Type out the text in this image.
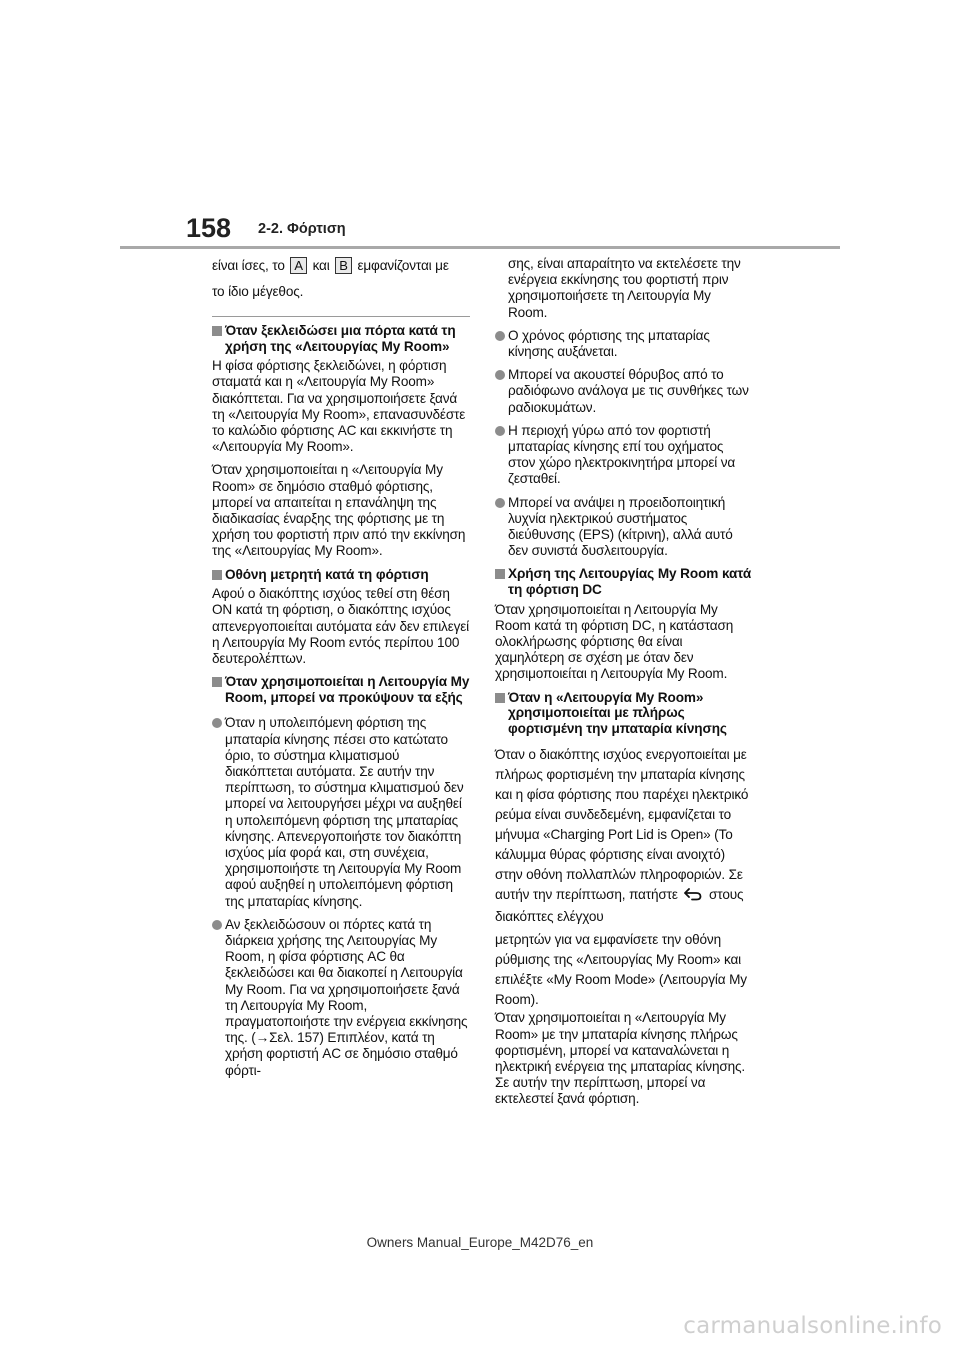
158 2-2. Φόρτιση

είναι ίσες, το A και B εμφανίζονται με

το ίδιο μέγεθος.

Όταν ξεκλειδώσει μια πόρτα κατά τη χρήση της «Λειτουργίας My Room»

Η φίσα φόρτισης ξεκλειδώνει, η φόρτιση σταματά και η «Λειτουργία My Room» διακόπτεται. Για να χρησιμοποιήσετε ξανά τη «Λειτουργία My Room», επανασυνδέστε το καλώδιο φόρτισης AC και εκκινήστε τη «Λειτουργία My Room».

Όταν χρησιμοποιείται η «Λειτουργία My Room» σε δημόσιο σταθμό φόρτισης, μπορεί να απαιτείται η επανάληψη της διαδικασίας έναρξης της φόρτισης με τη χρήση του φορτιστή πριν από την εκκίνηση της «Λειτουργίας My Room».

Οθόνη μετρητή κατά τη φόρτιση

Αφού ο διακόπτης ισχύος τεθεί στη θέση ON κατά τη φόρτιση, ο διακόπτης ισχύος απενεργοποιείται αυτόματα εάν δεν επιλεγεί η Λειτουργία My Room εντός περίπου 100 δευτερολέπτων.

Όταν χρησιμοποιείται η Λειτουργία My Room, μπορεί να προκύψουν τα εξής
Όταν η υπολειπόμενη φόρτιση της μπαταρία κίνησης πέσει στο κατώτατο όριο, το σύστημα κλιματισμού διακόπτεται αυτόματα. Σε αυτήν την περίπτωση, το σύστημα κλιματισμού δεν μπορεί να λειτουργήσει μέχρι να αυξηθεί η υπολειπόμενη φόρτιση της μπαταρίας κίνησης. Απενεργοποιήστε τον διακόπτη ισχύος μία φορά και, στη συνέχεια, χρησιμοποιήστε τη Λειτουργία My Room αφού αυξηθεί η υπολειπόμενη φόρτιση της μπαταρίας κίνησης.
Αν ξεκλειδώσουν οι πόρτες κατά τη διάρκεια χρήσης της Λειτουργίας My Room, η φίσα φόρτισης AC θα ξεκλειδώσει και θα διακοπεί η Λειτουργία My Room. Για να χρησιμοποιήσετε ξανά τη Λειτουργία My Room, πραγματοποιήστε την ενέργεια εκκίνησης της. (→Σελ. 157) Επιπλέον, κατά τη χρήση φορτιστή AC σε δημόσιο σταθμό φόρτι-
σης, είναι απαραίτητο να εκτελέσετε την ενέργεια εκκίνησης του φορτιστή πριν χρησιμοποιήσετε τη Λειτουργία My Room.
Ο χρόνος φόρτισης της μπαταρίας κίνησης αυξάνεται.
Μπορεί να ακουστεί θόρυβος από το ραδιόφωνο ανάλογα με τις συνθήκες των ραδιοκυμάτων.
Η περιοχή γύρω από τον φορτιστή μπαταρίας κίνησης επί του οχήματος στον χώρο ηλεκτροκινητήρα μπορεί να ζεσταθεί.
Μπορεί να ανάψει η προειδοποιητική λυχνία ηλεκτρικού συστήματος διεύθυνσης (EPS) (κίτρινη), αλλά αυτό δεν συνιστά δυσλειτουργία.
Χρήση της Λειτουργίας My Room κατά τη φόρτιση DC

Όταν χρησιμοποιείται η Λειτουργία My Room κατά τη φόρτιση DC, η κατάσταση ολοκλήρωσης φόρτισης θα είναι χαμηλότερη σε σχέση με όταν δεν χρησιμοποιείται η Λειτουργία My Room.

Όταν η «Λειτουργία My Room» χρησιμοποιείται με πλήρως φορτισμένη την μπαταρία κίνησης

Όταν ο διακόπτης ισχύος ενεργοποιείται με πλήρως φορτισμένη την μπαταρία κίνησης και η φίσα φόρτισης που παρέχει ηλεκτρικό ρεύμα είναι συνδεδεμένη, εμφανίζεται το μήνυμα «Charging Port Lid is Open» (Το κάλυμμα θύρας φόρτισης είναι ανοιχτό) στην οθόνη πολλαπλών πληροφοριών. Σε αυτήν την περίπτωση, πατήστε στους διακόπτες ελέγχου

μετρητών για να εμφανίσετε την οθόνη ρύθμισης της «Λειτουργίας My Room» και επιλέξτε «My Room Mode» (Λειτουργία My Room).

Όταν χρησιμοποιείται η «Λειτουργία My Room» με την μπαταρία κίνησης πλήρως φορτισμένη, μπορεί να καταναλώνεται η ηλεκτρική ενέργεια της μπαταρίας κίνησης. Σε αυτήν την περίπτωση, μπορεί να εκτελεστεί ξανά φόρτιση.

Owners Manual_Europe_M42D76_en
carmanualsonline.info
